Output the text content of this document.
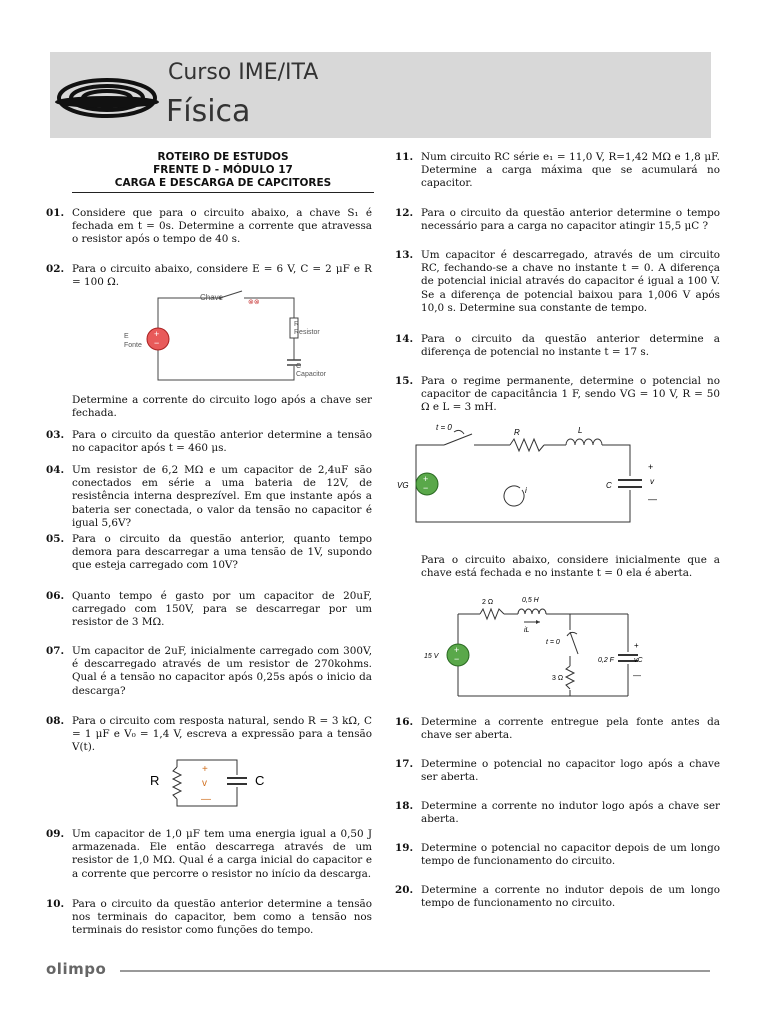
Curso IME/ITA
Física
ROTEIRO DE ESTUDOS
FRENTE D - MÓDULO 17
CARGA E DESCARGA DE CAPCITORES
01. Considere que para o circuito abaixo, a chave S₁ é fechada em t = 0s. Determine a corrente que atravessa o resistor após o tempo de 40 s.
02. Para o circuito abaixo, considere E = 6 V, C = 2 μF e R = 100 Ω.
+
−
Chave
⊗⊗
E
Fonte
R
Resistor
C
Capacitor
Determine a corrente do circuito logo após a chave ser fechada.
03. Para o circuito da questão anterior determine a tensão no capacitor após t = 460 μs.
04. Um resistor de 6,2 MΩ e um capacitor de 2,4uF são conectados em série a uma bateria de 12V, de resistência interna desprezível. Em que instante após a bateria ser conectada, o valor da tensão no capacitor é igual 5,6V?
05. Para o circuito da questão anterior, quanto tempo demora para descarregar a uma tensão de 1V, supondo que esteja carregado com 10V?
06. Quanto tempo é gasto por um capacitor de 20uF, carregado com 150V, para se descarregar por um resistor de 3 MΩ.
07. Um capacitor de 2uF, inicialmente carregado com 300V, é descarregado através de um resistor de 270kohms. Qual é a tensão no capacitor após 0,25s após o inicio da descarga?
08. Para o circuito com resposta natural, sendo R = 3 kΩ, C = 1 μF e V₀ = 1,4 V, escreva a expressão para a tensão V(t).
R	C
v
+
—
09. Um capacitor de 1,0 μF tem uma energia igual a 0,50 J armazenada. Ele então descarrega através de um resistor de 1,0 MΩ. Qual é a carga inicial do capacitor e a corrente que percorre o resistor no início da descarga.
10. Para o circuito da questão anterior determine a tensão nos terminais do capacitor, bem como a tensão nos terminais do resistor como funções do tempo.
11. Num circuito RC série e₁ = 11,0 V, R=1,42 MΩ e 1,8 μF. Determine a carga máxima que se acumulará no capacitor.
12. Para o circuito da questão anterior determine o tempo necessário para a carga no capacitor atingir 15,5 μC ?
13. Um capacitor é descarregado, através de um circuito RC, fechando-se a chave no instante t = 0. A diferença de potencial inicial através do capacitor é igual a 100 V. Se a diferença de potencial baixou para 1,006 V após 10,0 s. Determine sua constante de tempo.
14. Para o circuito da questão anterior determine a diferença de potencial no instante t = 17 s.
15. Para o regime permanente, determine o potencial no capacitor de capacitância 1 F, sendo VG = 10 V, R = 50 Ω e L = 3 mH.
+
−
t = 0
R	L
VG	C
i
v
+
—
Para o circuito abaixo, considere inicialmente que a chave está fechada e no instante t = 0 ela é aberta.
+
−
2 Ω	0,5 H
iL
t = 0
15 V
3 Ω
0,2 F	vC
+
—
16. Determine a corrente entregue pela fonte antes da chave ser aberta.
17. Determine o potencial no capacitor logo após a chave ser aberta.
18. Determine a corrente no indutor logo após a chave ser aberta.
19. Determine o potencial no capacitor depois de um longo tempo de funcionamento do circuito.
20. Determine a corrente no indutor depois de um longo tempo de funcionamento no circuito.
olimpo
